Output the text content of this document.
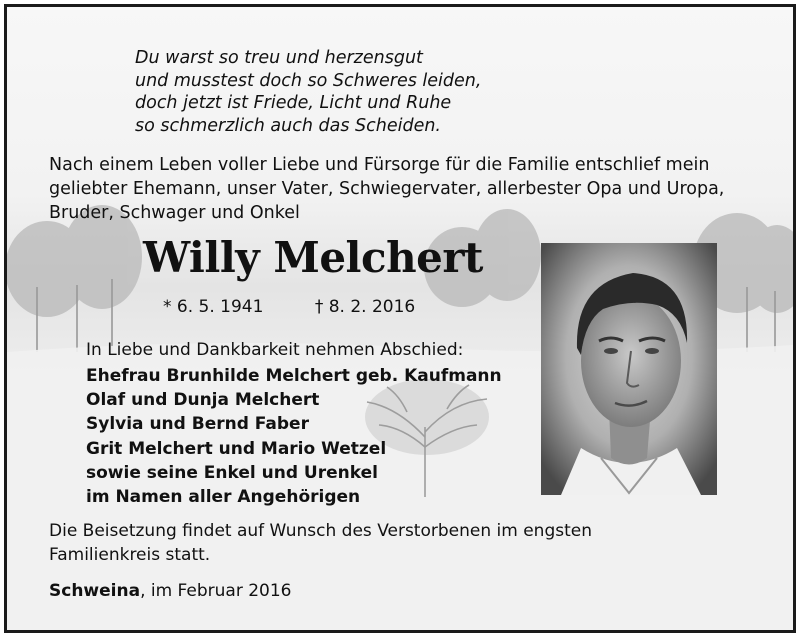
Du warst so treu und herzensgut
und musstest doch so Schweres leiden,
doch jetzt ist Friede, Licht und Ruhe
so schmerzlich auch das Scheiden.
Nach einem Leben voller Liebe und Fürsorge für die Familie entschlief mein
geliebter Ehemann, unser Vater, Schwiegervater, allerbester Opa und Uropa,
Bruder, Schwager und Onkel
Willy Melchert
* 6. 5. 1941	† 8. 2. 2016
In Liebe und Dankbarkeit nehmen Abschied:
Ehefrau Brunhilde Melchert geb. Kaufmann
Olaf und Dunja Melchert
Sylvia und Bernd Faber
Grit Melchert und Mario Wetzel
sowie seine Enkel und Urenkel
im Namen aller Angehörigen
Die Beisetzung findet auf Wunsch des Verstorbenen im engsten
Familienkreis statt.
Schweina, im Februar 2016
